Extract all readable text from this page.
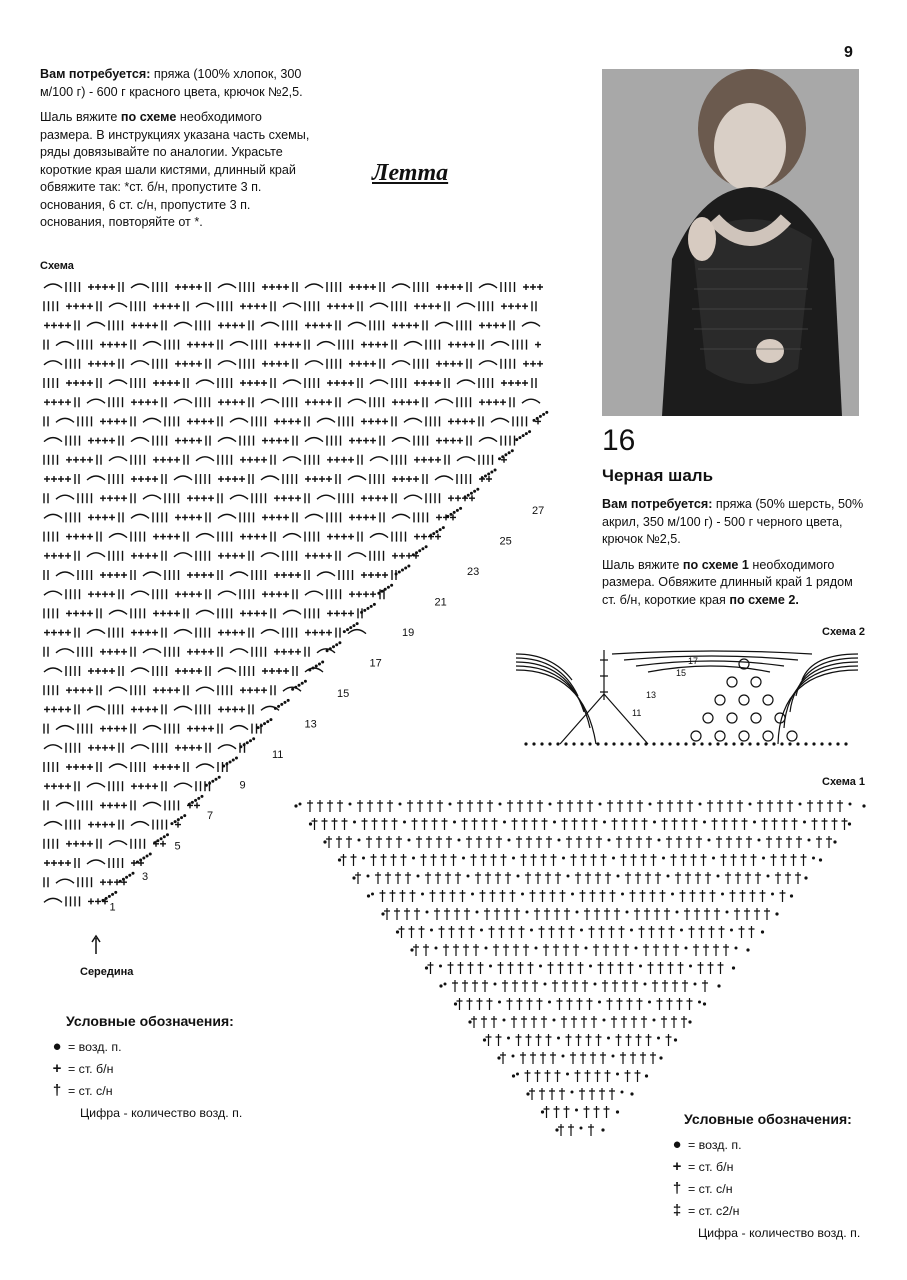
9

Вам потребуется: пряжа (100% хлопок, 300 м/100 г) - 600 г красного цвета, крючок №2,5.

Шаль вяжите по схеме необходимого размера. В инструкциях указана часть схемы, ряды довязывайте по аналогии. Украсьте короткие края шали кистями, длинный край обвяжите так: *ст. б/н, пропустите 3 п. основания, 6 ст. с/н, пропустите 3 п. основания, повторяйте от *.

Летта
Схема
27
25
23
21
19
17
15
13
11
9
7
5
3
1
Середина
Условные обозначения:
● = возд. п.
+ = ст. б/н
† = ст. с/н
Цифра - количество возд. п.
16
Черная шаль

Вам потребуется: пряжа (50% шерсть, 50% акрил, 350 м/100 г) - 500 г черного цвета, крючок №2,5.

Шаль вяжите по схеме 1 необходимого размера. Обвяжите длинный край 1 рядом ст. б/н, короткие края по схеме 2.

Схема 2
17
15
13
11
Схема 1
Условные обозначения:
● = возд. п.
+ = ст. б/н
† = ст. с/н
‡ = ст. с2/н
Цифра - количество возд. п.
